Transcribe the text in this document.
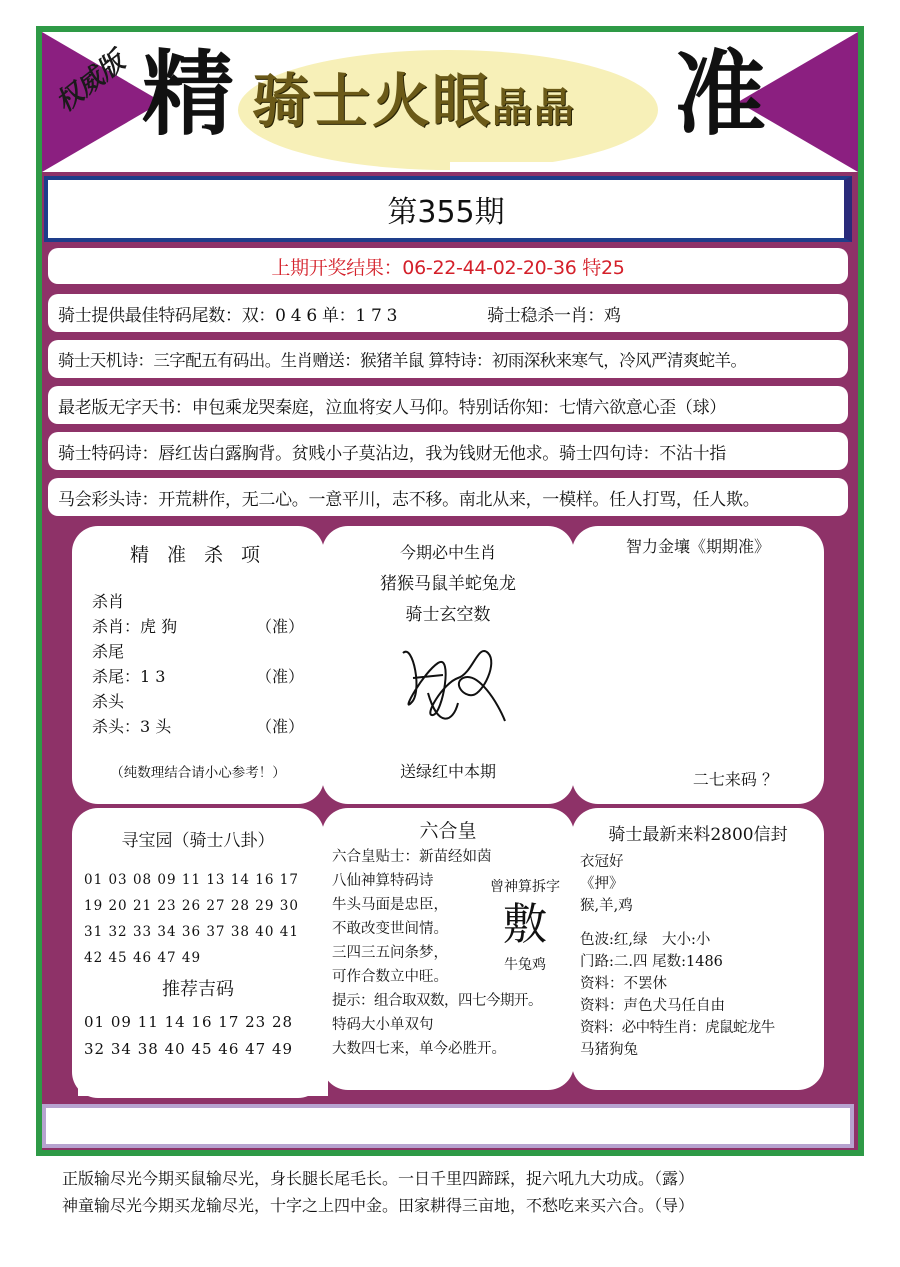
权威版 精	准
骑士火眼晶晶
第355期
上期开奖结果：06-22-44-02-20-36 特25
骑士提供最佳特码尾数：双：0 4 6 单：1 7 3	骑士稳杀一肖：鸡
骑士天机诗：三字配五有码出。生肖赠送：猴猪羊鼠 算特诗：初雨深秋来寒气，冷风严清爽蛇羊。
最老版无字天书：申包乘龙哭秦庭，泣血将安人马仰。特别话你知：七情六欲意心歪（球）
骑士特码诗：唇红齿白露胸背。贫贱小子莫沾边，我为钱财无他求。骑士四句诗：不沾十指
马会彩头诗：开荒耕作，无二心。一意平川，志不移。南北从来，一模样。任人打骂，任人欺。
精 准 杀 项
杀肖
杀肖：虎 狗	（准）
杀尾
杀尾：1 3	（准）
杀头
杀头：3 头	（准）
（纯数理结合请小心参考！）
今期必中生肖
猪猴马鼠羊蛇兔龙
骑士玄空数
送绿红中本期
智力金壤《期期准》
二七来码 ？
寻宝园（骑士八卦）
01 03 08 09 11 13 14 16 17
19 20 21 23 26 27 28 29 30
31 32 33 34 36 37 38 40 41
42 45 46 47 49
推荐吉码
01 09 11 14 16 17 23 28
32 34 38 40 45 46 47 49
六合皇
六合皇贴士：新苗经如茵
八仙神算特码诗
牛头马面是忠臣，
不敢改变世间情。
三四三五问条梦，
可作合数立中旺。
提示：组合取双数，四七今期开。
特码大小单双句
大数四七来，单今必胜开。
曾神算拆字
敷
牛兔鸡
骑士最新来料2800信封
衣冠好
《押》
猴,羊,鸡
色波:红,绿　大小:小
门路:二.四 尾数:1486
资料：不罢休
资料：声色犬马任自由
资料：必中特生肖：虎鼠蛇龙牛
马猪狗兔
正版输尽光今期买鼠输尽光，身长腿长尾毛长。一日千里四蹄踩，捉六吼九大功成。（露）
神童输尽光今期买龙输尽光，十字之上四中金。田家耕得三亩地，不愁吃来买六合。（导）
